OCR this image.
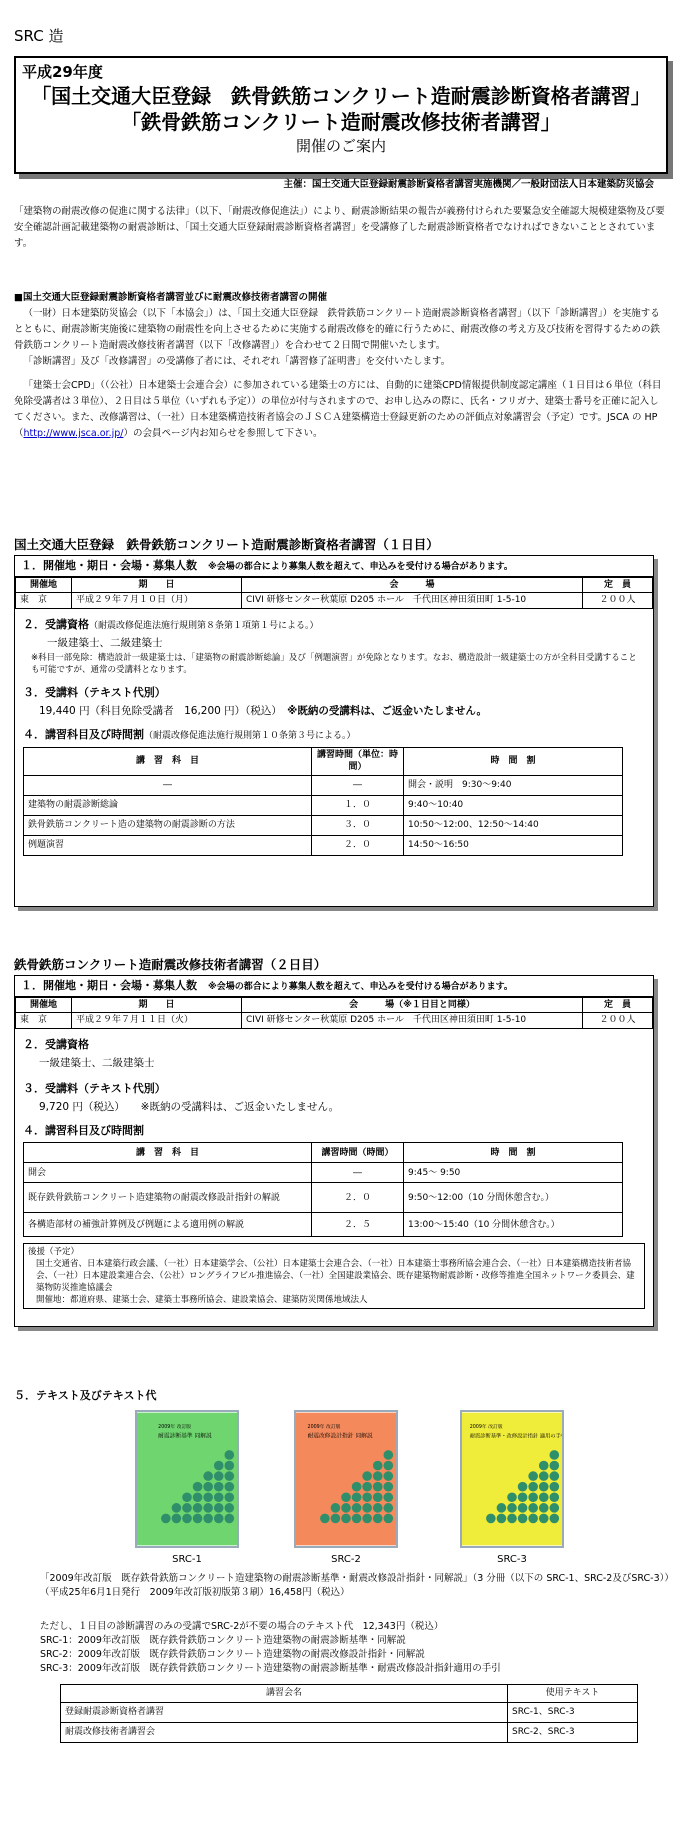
SRC 造
平成29年度
「国土交通大臣登録　鉄骨鉄筋コンクリート造耐震診断資格者講習」
「鉄骨鉄筋コンクリート造耐震改修技術者講習」
開催のご案内
主催：国土交通大臣登録耐震診断資格者講習実施機関／一般財団法人日本建築防災協会
「建築物の耐震改修の促進に関する法律」（以下、「耐震改修促進法」）により、耐震診断結果の報告が義務付けられた要緊急安全確認大規模建築物及び要安全確認計画記載建築物の耐震診断は、「国土交通大臣登録耐震診断資格者講習」を受講修了した耐震診断資格者でなければできないこととされています。
■国土交通大臣登録耐震診断資格者講習並びに耐震改修技術者講習の開催
（一財）日本建築防災協会（以下「本協会」）は、「国土交通大臣登録　鉄骨鉄筋コンクリート造耐震診断資格者講習」（以下「診断講習」）を実施するとともに、耐震診断実施後に建築物の耐震性を向上させるために実施する耐震改修を的確に行うために、耐震改修の考え方及び技術を習得するための鉄骨鉄筋コンクリート造耐震改修技術者講習（以下「改修講習」）を合わせて２日間で開催いたします。
「診断講習」及び「改修講習」の受講修了者には、それぞれ「講習修了証明書」を交付いたします。
「建築士会CPD」（（公社）日本建築士会連合会）に参加されている建築士の方には、自動的に建築CPD情報提供制度認定講座（１日目は６単位（科目免除受講者は３単位）、２日目は５単位（いずれも予定））の単位が付与されますので、お申し込みの際に、氏名・フリガナ、建築士番号を正確に記入してください。また、改修講習は、（一社）日本建築構造技術者協会のＪＳＣＡ建築構造士登録更新のための評価点対象講習会（予定）です。JSCA の HP（http://www.jsca.or.jp/）の会員ページ内お知らせを参照して下さい。
国土交通大臣登録　鉄骨鉄筋コンクリート造耐震診断資格者講習（１日目）
１．開催地・期日・会場・募集人数　 ※会場の都合により募集人数を超えて、申込みを受付ける場合があります。
開催地	期　　日	会　　　場	定　員
東　京	平成２９年７月１０日（月）	CIVI 研修センター秋葉原 D205 ホール　千代田区神田須田町 1-5-10	２００人
２．受講資格（耐震改修促進法施行規則第８条第１項第１号による。）
一級建築士、二級建築士
※科目一部免除：構造設計一級建築士は、「建築物の耐震診断総論」及び「例題演習」が免除となります。なお、構造設計一級建築士の方が全科目受講することも可能ですが、通常の受講料となります。
３．受講料（テキスト代別）
19,440 円（科目免除受講者　16,200 円）（税込）　 ※既納の受講料は、ご返金いたしません。
４．講習科目及び時間割（耐震改修促進法施行規則第１０条第３号による。）
講　習　科　目	講習時間（単位：時間）	時　間　割
―	―	開会・説明　9:30～9:40
建築物の耐震診断総論	１．０	9:40～10:40
鉄骨鉄筋コンクリート造の建築物の耐震診断の方法	３．０	10:50～12:00、12:50～14:40
例題演習	２．０	14:50～16:50
鉄骨鉄筋コンクリート造耐震改修技術者講習（２日目）
１．開催地・期日・会場・募集人数　 ※会場の都合により募集人数を超えて、申込みを受付ける場合があります。
開催地	期　　日	会　　　場（※１日目と同様）	定　員
東　京	平成２９年７月１１日（火）	CIVI 研修センター秋葉原 D205 ホール　千代田区神田須田町 1-5-10	２００人
２．受講資格
一級建築士、二級建築士
３．受講料（テキスト代別）
9,720 円（税込）　　 ※既納の受講料は、ご返金いたしません。
４．講習科目及び時間割
講　習　科　目	講習時間（時間）	時　間　割
開会	―	9:45～ 9:50
既存鉄骨鉄筋コンクリート造建築物の耐震改修設計指針の解説	２．０	9:50～12:00（10 分間休憩含む。）
各構造部材の補強計算例及び例題による適用例の解説	２．５	13:00～15:40（10 分間休憩含む。）
後援（予定）
国土交通省、日本建築行政会議、（一社）日本建築学会、（公社）日本建築士会連合会、（一社）日本建築士事務所協会連合会、（一社）日本建築構造技術者協会、（一社）日本建設業連合会、（公社）ロングライフビル推進協会、（一社）全国建設業協会、既存建築物耐震診断・改修等推進全国ネットワーク委員会、建築物防災推進協議会
開催地：都道府県、建築士会、建築士事務所協会、建設業協会、建築防災関係地域法人
５．テキスト及びテキスト代
2009年 改訂版
耐震診断基準 同解説
2009年 改訂版
耐震改修設計指針 同解説
2009年 改訂版
耐震診断基準・改修設計指針 適用の手引
SRC-1	SRC-2	SRC-3
「2009年改訂版　既存鉄骨鉄筋コンクリート造建築物の耐震診断基準・耐震改修設計指針・同解説」（3 分冊（以下の SRC-1、SRC-2及びSRC-3））（平成25年6月1日発行　2009年改訂版初版第３刷）16,458円（税込）
ただし、１日目の診断講習のみの受講でSRC-2が不要の場合のテキスト代　12,343円（税込）
SRC-1：2009年改訂版　既存鉄骨鉄筋コンクリート造建築物の耐震診断基準・同解説
SRC-2：2009年改訂版　既存鉄骨鉄筋コンクリート造建築物の耐震改修設計指針・同解説
SRC-3：2009年改訂版　既存鉄骨鉄筋コンクリート造建築物の耐震診断基準・耐震改修設計指針適用の手引
講習会名	使用テキスト
登録耐震診断資格者講習	SRC-1、SRC-3
耐震改修技術者講習会	SRC-2、SRC-3
